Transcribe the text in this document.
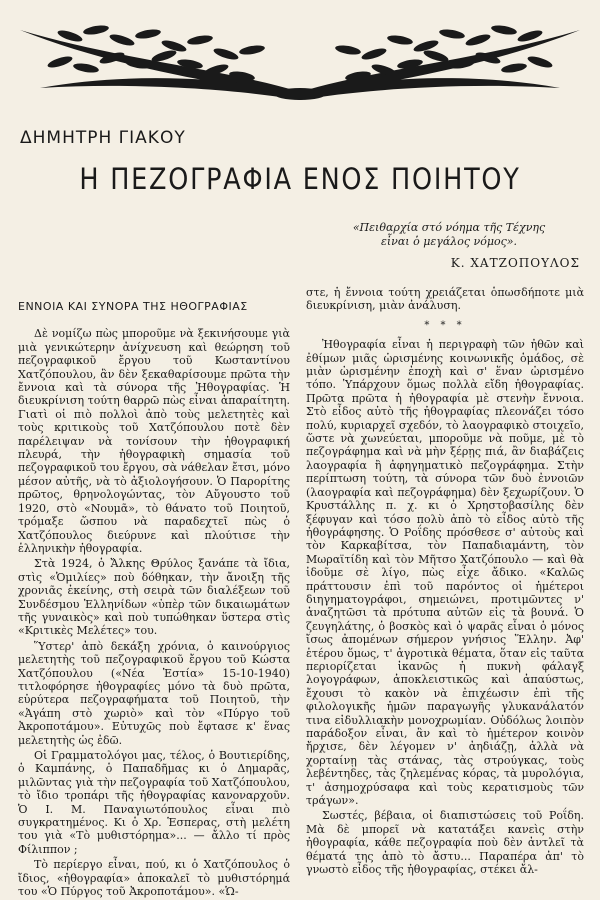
ΔΗΜΗΤΡΗ ΓΙΑΚΟΥ
Η ΠΕΖΟΓΡΑΦΙΑ ΕΝΟΣ ΠΟΙΗΤΟΥ
«Πειθαρχία στό νόημα τῆς Τέχνης
εἶναι ὁ μεγάλος νόμος».
Κ. ΧΑΤΖΟΠΟΥΛΟΣ
ΕΝΝΟΙΑ ΚΑΙ ΣΥΝΟΡΑ ΤΗΣ ΗΘΟΓΡΑΦΙΑΣ

Δὲ νομίζω πὼς μποροῦμε νὰ ξεκινήσουμε γιὰ μιὰ γενικώτερην ἀνίχνευση καὶ θεώρηση τοῦ πεζογραφικοῦ ἔργου τοῦ Κωσταντίνου Χατζόπουλου, ἂν δὲν ξεκαθαρίσουμε πρῶτα τὴν ἔννοια καὶ τὰ σύνορα τῆς Ἠθογραφίας. Ἡ διευκρίνιση τούτη θαρρῶ πὼς εἶναι ἀπαραίτητη. Γιατὶ οἱ πιὸ πολλοὶ ἀπὸ τοὺς μελετητὲς καὶ τοὺς κριτικοὺς τοῦ Χατζόπουλου ποτὲ δὲν παρέλειψαν νὰ τονίσουν τὴν ἠθογραφική πλευρά, τὴν ἠθογραφικὴ σημασία τοῦ πεζογραφικοῦ του ἔργου, σὰ νάθελαν ἔτσι, μόνο μέσον αὐτῆς, νὰ τὸ ἀξιολογήσουν. Ὁ Παρορίτης πρῶτος, θρηνολογώντας, τὸν Αὔγουστο τοῦ 1920, στὸ «Νουμᾶ», τὸ θάνατο τοῦ Ποιητοῦ, τρόμαξε ὥσπου νὰ παραδεχτεῖ πὼς ὁ Χατζόπουλος διεύρυνε καὶ πλούτισε τὴν ἑλληνικὴν ἠθογραφία.

Στὰ 1924, ὁ Ἄλκης Θρύλος ξανάπε τὰ ἴδια, στὶς «Ὁμιλίες» ποὺ δόθηκαν, τὴν ἄνοιξη τῆς χρονιᾶς ἐκείνης, στὴ σειρὰ τῶν διαλέξεων τοῦ Συνδέσμου Ἑλληνίδων «ὑπὲρ τῶν δικαιωμάτων τῆς γυναικὸς» καὶ ποὺ τυπώθηκαν ὕστερα στὶς «Κριτικὲς Μελέτες» του.

Ὕστερ' ἀπὸ δεκάξη χρόνια, ὁ καινούργιος μελετητὴς τοῦ πεζογραφικοῦ ἔργου τοῦ Κώστα Χατζόπουλου («Νέα Ἑστία» 15-10-1940) τιτλοφόρησε ἠθογραφίες μόνο τὰ δυὸ πρῶτα, εὐρύτερα πεζογραφήματα τοῦ Ποιητοῦ, τὴν «Ἀγάπη στὸ χωριὸ» καὶ τὸν «Πύργο τοῦ Ἀκροποτάμου». Εὐτυχῶς ποὺ ἔφτασε κ' ἕνας μελετητὴς ὡς ἐδῶ.

Οἱ Γραμματολόγοι μας, τέλος, ὁ Βουτιερίδης, ὁ Καμπάνης, ὁ Παπαδῆμας κι ὁ Δημαρᾶς, μιλῶντας γιὰ τὴν πεζογραφία τοῦ Χατζόπουλου, τὸ ἴδιο τροπάρι τῆς ἠθογραφίας κανοναρχοῦν. Ὁ Ι. Μ. Παναγιωτόπουλος εἶναι πιὸ συγκρατημένος. Κι ὁ Χρ. Ἑσπερας, στὴ μελέτη του γιὰ «Τὸ μυθιστόρημα»... — ἄλλο τί πρὸς Φίλιππον ;

Τὸ περίεργο εἶναι, πού, κι ὁ Χατζόπουλος ὁ ἴδιος, «ἠθογραφία» ἀποκαλεῖ τὸ μυθιστόρημά του «Ὁ Πύργος τοῦ Ἀκροποτάμου». «Ὡ-

στε, ἡ ἔννοια τούτη χρειάζεται ὁπωσδήποτε μιὰ διευκρίνιση, μιὰν ἀνάλυση.

* * *

Ἠθογραφία εἶναι ἡ περιγραφὴ τῶν ἠθῶν καὶ ἐθίμων μιᾶς ὡρισμένης κοινωνικῆς ὁμάδος, σὲ μιὰν ὡρισμένην ἐποχὴ καὶ σ' ἕναν ὡρισμένο τόπο. Ὑπάρχουν ὅμως πολλὰ εἴδη ἠθογραφίας. Πρῶτα πρῶτα ἡ ἠθογραφία μὲ στενὴν ἔννοια. Στὸ εἶδος αὐτὸ τῆς ἠθογραφίας πλεονάζει τόσο πολύ, κυριαρχεῖ σχεδόν, τὸ λαογραφικὸ στοιχεῖο, ὥστε νὰ χωνεύεται, μποροῦμε νὰ ποῦμε, μὲ τὸ πεζογράφημα καὶ νὰ μὴν ξέρῃς πιά, ἂν διαβάζεις λαογραφία ἢ ἀφηγηματικὸ πεζογράφημα. Στὴν περίπτωση τούτη, τὰ σύνορα τῶν δυὸ ἐννοιῶν (λαογραφία καὶ πεζογράφημα) δὲν ξεχωρίζουν. Ὁ Κρυστάλλης π. χ. κι ὁ Χρηστοβασίλης δὲν ξέφυγαν καὶ τόσο πολὺ ἀπὸ τὸ εἶδος αὐτὸ τῆς ἠθογράφησης. Ὁ Ροΐδης πρόσθεσε σ' αὐτοὺς καὶ τὸν Καρκαβίτσα, τὸν Παπαδιαμάντη, τὸν Μωραϊτίδη καὶ τὸν Μῆτσο Χατζόπουλο — καὶ θὰ ἰδοῦμε σὲ λίγο, πὼς εἶχε ἄδικο. «Καλῶς πράττουσιν ἐπὶ τοῦ παρόντος οἱ ἡμέτεροι διηγηματογράφοι, σημειώνει, προτιμῶντες ν' ἀναζητῶσι τὰ πρότυπα αὐτῶν εἰς τὰ βουνά. Ὁ ζευγηλάτης, ὁ βοσκὸς καὶ ὁ ψαρᾶς εἶναι ὁ μόνος ἴσως ἀπομένων σήμερον γνήσιος Ἕλλην. Ἀφ' ἑτέρου ὅμως, τ' ἀγροτικὰ θέματα, ὅταν εἰς ταῦτα περιορίζεται ἱκανῶς ἡ πυκνὴ φάλαγξ λογογράφων, ἀποκλειστικῶς καὶ ἀπαύστως, ἔχουσι τὸ κακὸν νὰ ἐπιχέωσιν ἐπὶ τῆς φιλολογικῆς ἡμῶν παραγωγῆς γλυκανάλατόν τινα εἰδυλλιακὴν μονοχρωμίαν. Οὐδόλως λοιπὸν παράδοξον εἶναι, ἂν καὶ τὸ ἡμέτερον κοινὸν ἤρχισε, δὲν λέγομεν ν' ἀηδιάζῃ, ἀλλὰ νὰ χορταίνῃ τὰς στάνας, τὰς στρούγκας, τοὺς λεβέντηδες, τὰς ζηλεμένας κόρας, τὰ μυρολόγια, τ' ἀσημοχρύσαφα καὶ τοὺς κερατισμοὺς τῶν τράγων».

Σωστές, βέβαια, οἱ διαπιστώσεις τοῦ Ροΐδη. Μὰ δὲ μπορεῖ νὰ κατατάξει κανεὶς στὴν ἠθογραφία, κάθε πεζογραφία ποὺ δὲν ἀντλεῖ τὰ θέματά της ἀπὸ τὸ ἄστυ... Παραπέρα ἀπ' τὸ γνωστὸ εἶδος τῆς ἠθογραφίας, στέκει ἄλ-
